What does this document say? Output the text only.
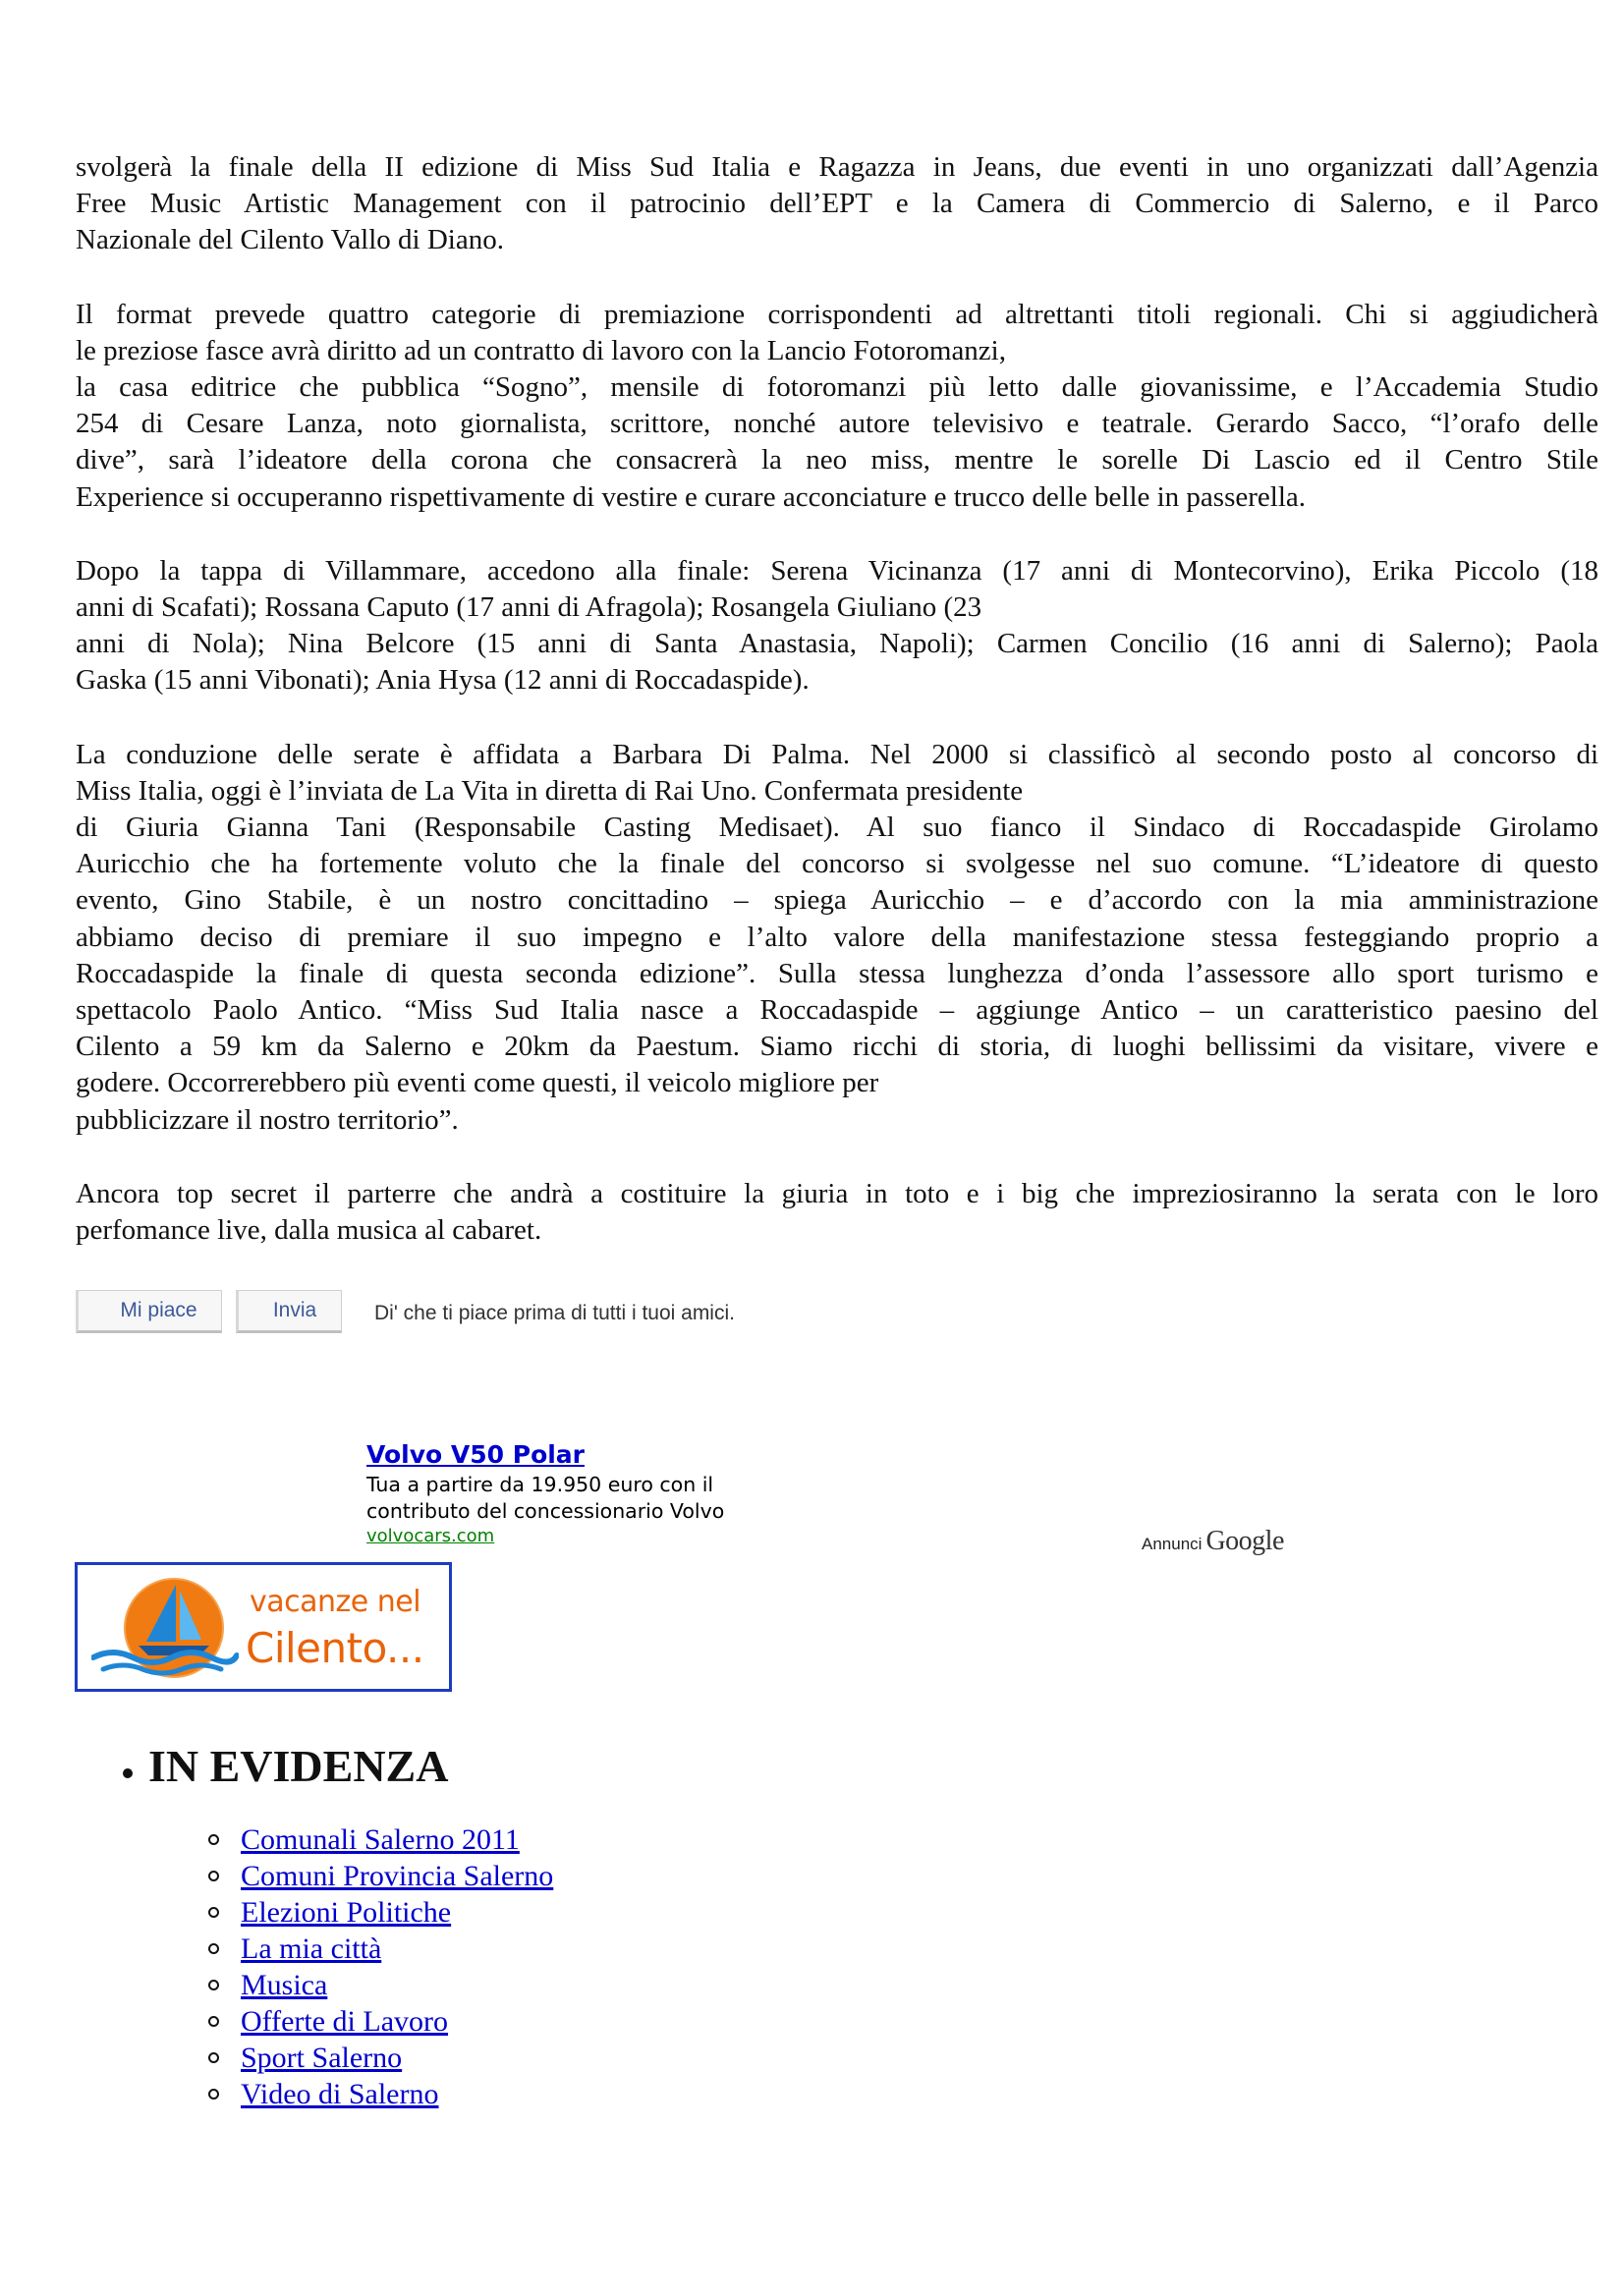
svolgerà la finale della II edizione di Miss Sud Italia e Ragazza in Jeans, due eventi in uno organizzati dall’Agenzia
Free Music Artistic Management con il patrocinio dell’EPT e la Camera di Commercio di Salerno, e il Parco
Nazionale del Cilento Vallo di Diano.

Il format prevede quattro categorie di premiazione corrispondenti ad altrettanti titoli regionali. Chi si aggiudicherà
le preziose fasce avrà diritto ad un contratto di lavoro con la Lancio Fotoromanzi,
la casa editrice che pubblica “Sogno”, mensile di fotoromanzi più letto dalle giovanissime, e l’Accademia Studio
254 di Cesare Lanza, noto giornalista, scrittore, nonché autore televisivo e teatrale. Gerardo Sacco, “l’orafo delle
dive”, sarà l’ideatore della corona che consacrerà la neo miss, mentre le sorelle Di Lascio ed il Centro Stile
Experience si occuperanno rispettivamente di vestire e curare acconciature e trucco delle belle in passerella.

Dopo la tappa di Villammare, accedono alla finale: Serena Vicinanza (17 anni di Montecorvino), Erika Piccolo (18
anni di Scafati); Rossana Caputo (17 anni di Afragola); Rosangela Giuliano (23
anni di Nola); Nina Belcore (15 anni di Santa Anastasia, Napoli); Carmen Concilio (16 anni di Salerno); Paola
Gaska (15 anni Vibonati); Ania Hysa (12 anni di Roccadaspide).

La conduzione delle serate è affidata a Barbara Di Palma. Nel 2000 si classificò al secondo posto al concorso di
Miss Italia, oggi è l’inviata de La Vita in diretta di Rai Uno. Confermata presidente
di Giuria Gianna Tani (Responsabile Casting Medisaet). Al suo fianco il Sindaco di Roccadaspide Girolamo
Auricchio che ha fortemente voluto che la finale del concorso si svolgesse nel suo comune. “L’ideatore di questo
evento, Gino Stabile, è un nostro concittadino – spiega Auricchio – e d’accordo con la mia amministrazione
abbiamo deciso di premiare il suo impegno e l’alto valore della manifestazione stessa festeggiando proprio a
Roccadaspide la finale di questa seconda edizione”. Sulla stessa lunghezza d’onda l’assessore allo sport turismo e
spettacolo Paolo Antico. “Miss Sud Italia nasce a Roccadaspide – aggiunge Antico – un caratteristico paesino del
Cilento a 59 km da Salerno e 20km da Paestum. Siamo ricchi di storia, di luoghi bellissimi da visitare, vivere e
godere. Occorrerebbero più eventi come questi, il veicolo migliore per
pubblicizzare il nostro territorio”.

Ancora top secret il parterre che andrà a costituire la giuria in toto e i big che impreziosiranno la serata con le loro
perfomance live, dalla musica al cabaret.

Mi piace	Invia	Di' che ti piace prima di tutti i tuoi amici.
Volvo V50 Polar
Tua a partire da 19.950 euro con il contributo del concessionario Volvo
volvocars.com	Annunci Google
vacanze nel
Cilento...
IN EVIDENZA
Comunali Salerno 2011
Comuni Provincia Salerno
Elezioni Politiche
La mia città
Musica
Offerte di Lavoro
Sport Salerno
Video di Salerno
